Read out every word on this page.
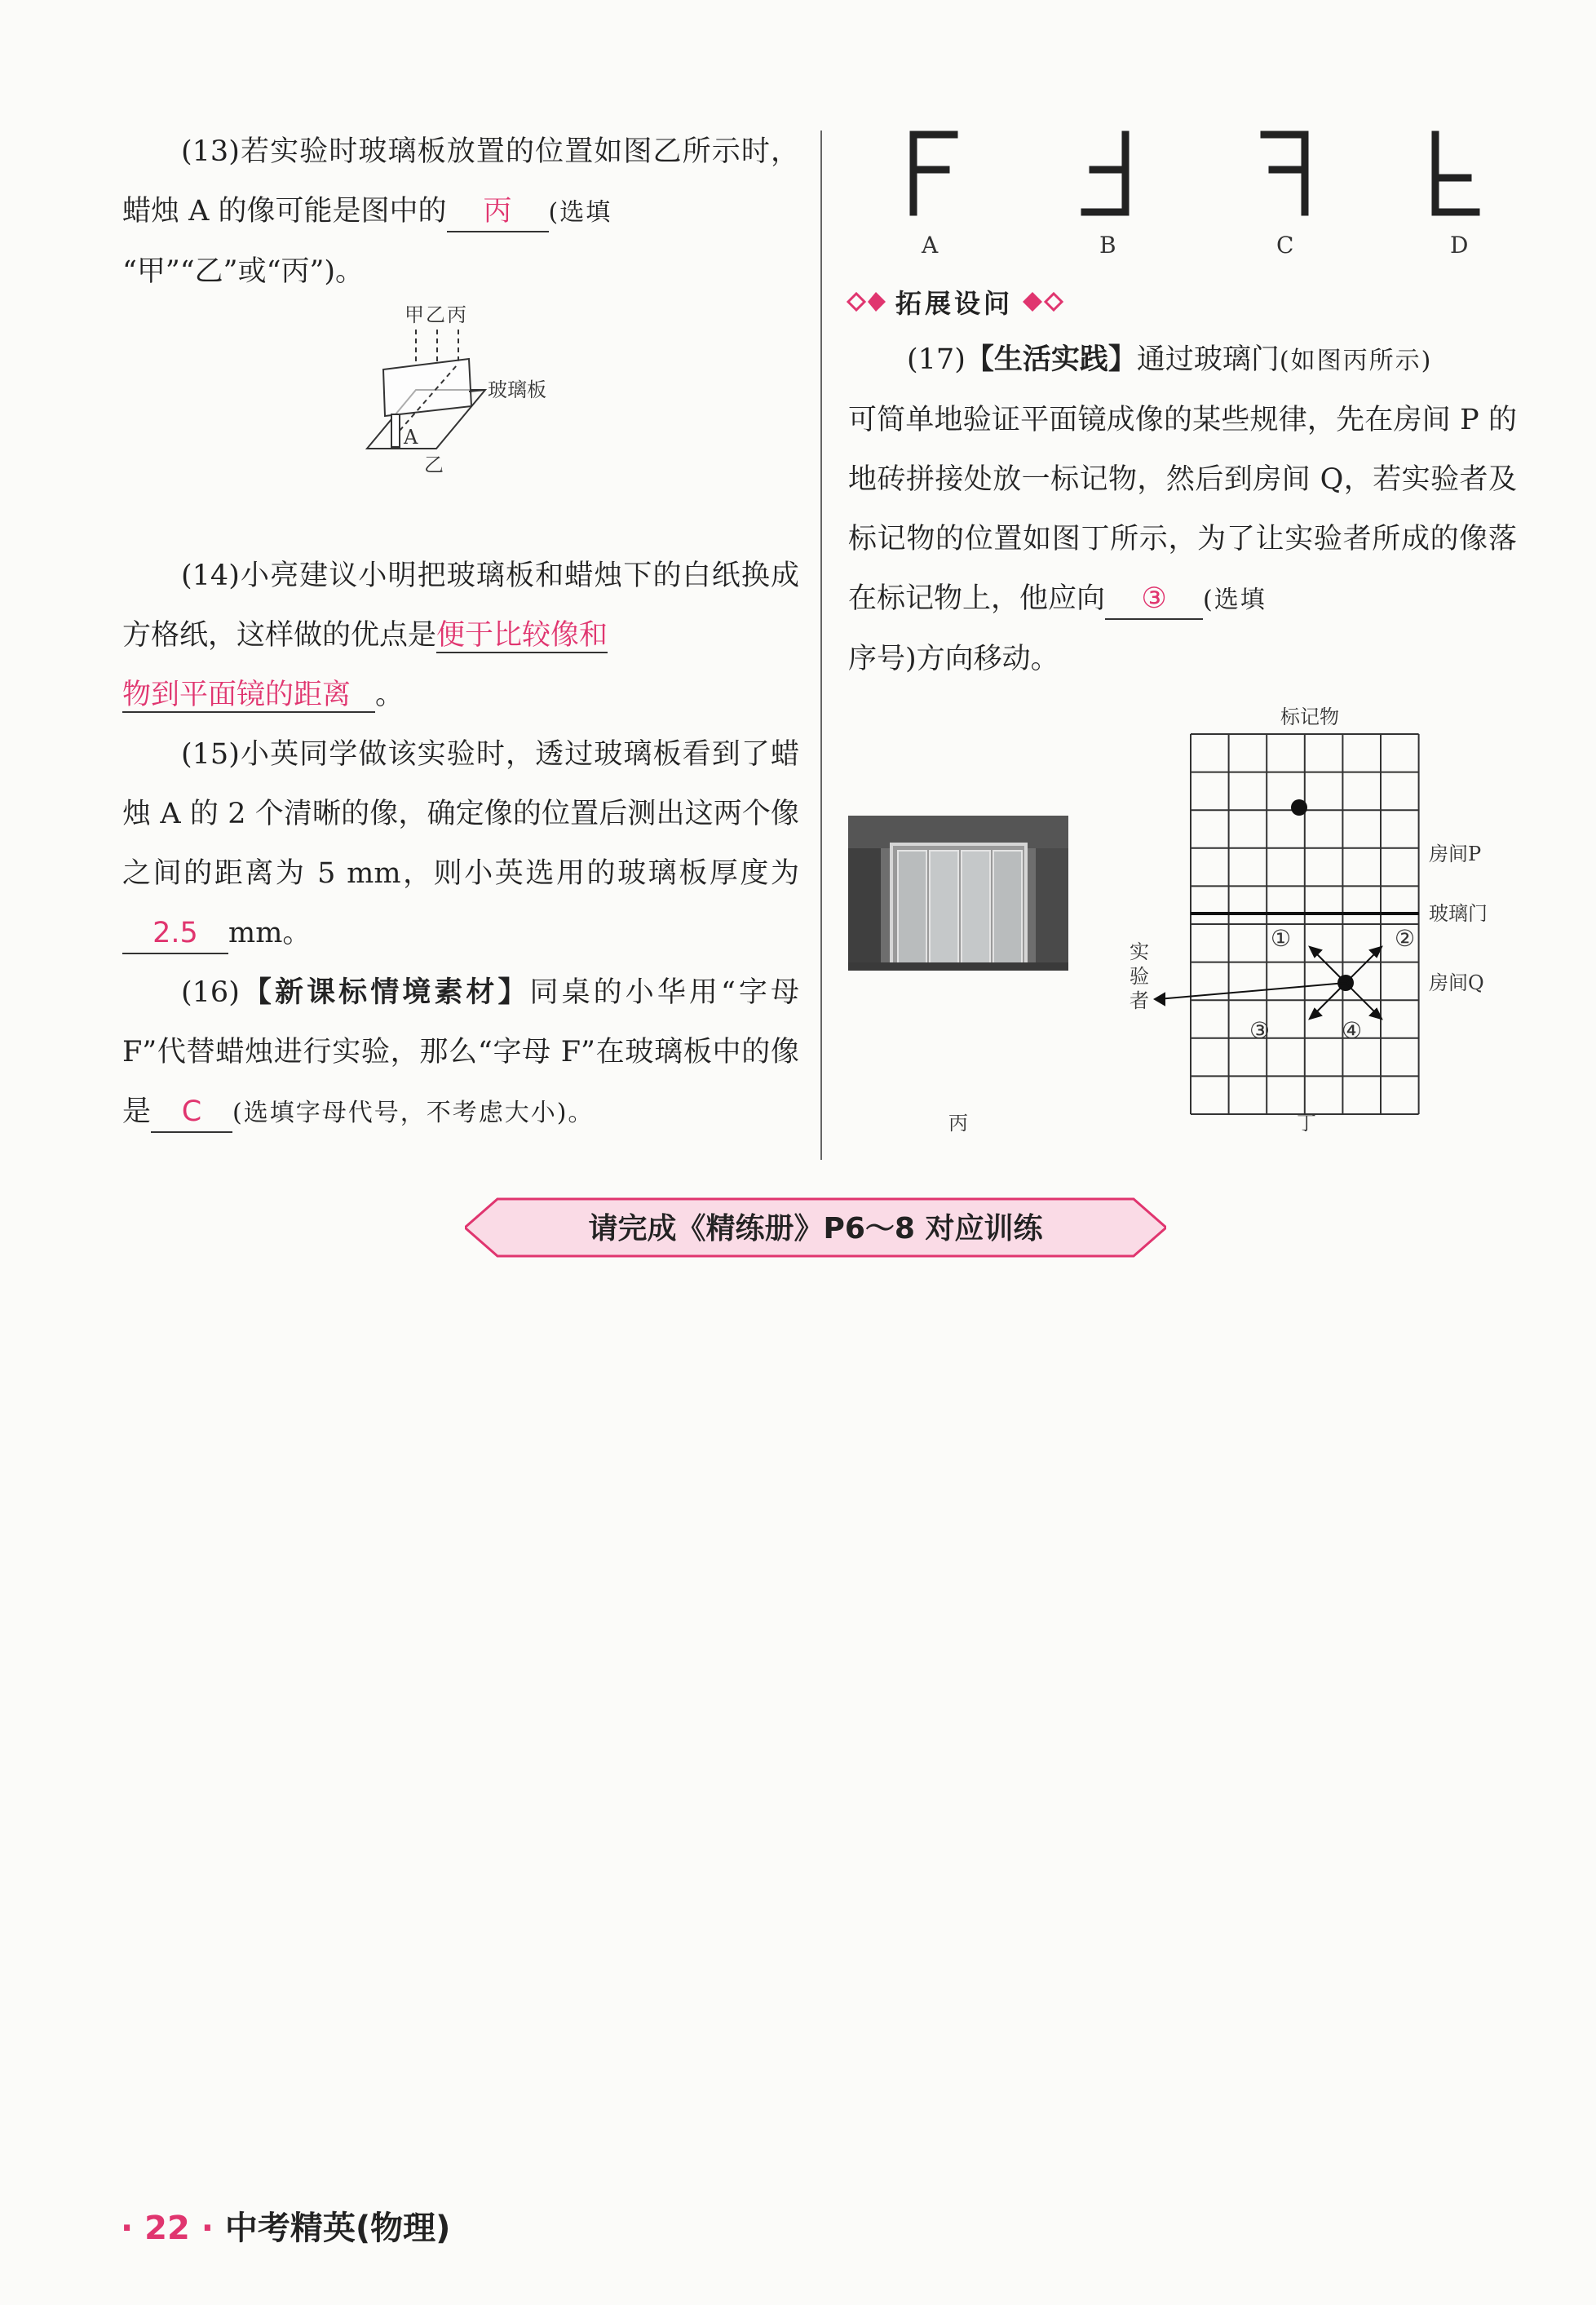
(13)若实验时玻璃板放置的位置如图乙所示时，蜡烛 A 的像可能是图中的 丙 (选填
“甲”“乙”或“丙”)。

(14)小亮建议小明把玻璃板和蜡烛下的白纸换成方格纸，这样做的优点是便于比较像和
物到平面镜的距离 。

(15)小英同学做该实验时，透过玻璃板看到了蜡烛 A 的 2 个清晰的像，确定像的位置后测出这两个像之间的距离为 5 mm，则小英选用的玻璃板厚度为2.5 mm。

(16)【新课标情境素材】同桌的小华用“字母 F”代替蜡烛进行实验，那么“字母 F”在玻璃板中的像是 C (选填字母代号，不考虑大小)。

甲 乙 丙
A
玻璃板
乙
A	B	C	D
拓展设问

(17)【生活实践】通过玻璃门(如图丙所示)
可简单地验证平面镜成像的某些规律，先在房间 P 的地砖拼接处放一标记物，然后到房间 Q，若实验者及标记物的位置如图丁所示，为了让实验者所成的像落在标记物上，他应向 ③ (选填
序号)方向移动。

丙
标记物
①	②
③	④
房间P
玻璃门
房间Q
实
验
者
丁
请完成《精练册》P6～8 对应训练
· 22 · 中考精英(物理)
